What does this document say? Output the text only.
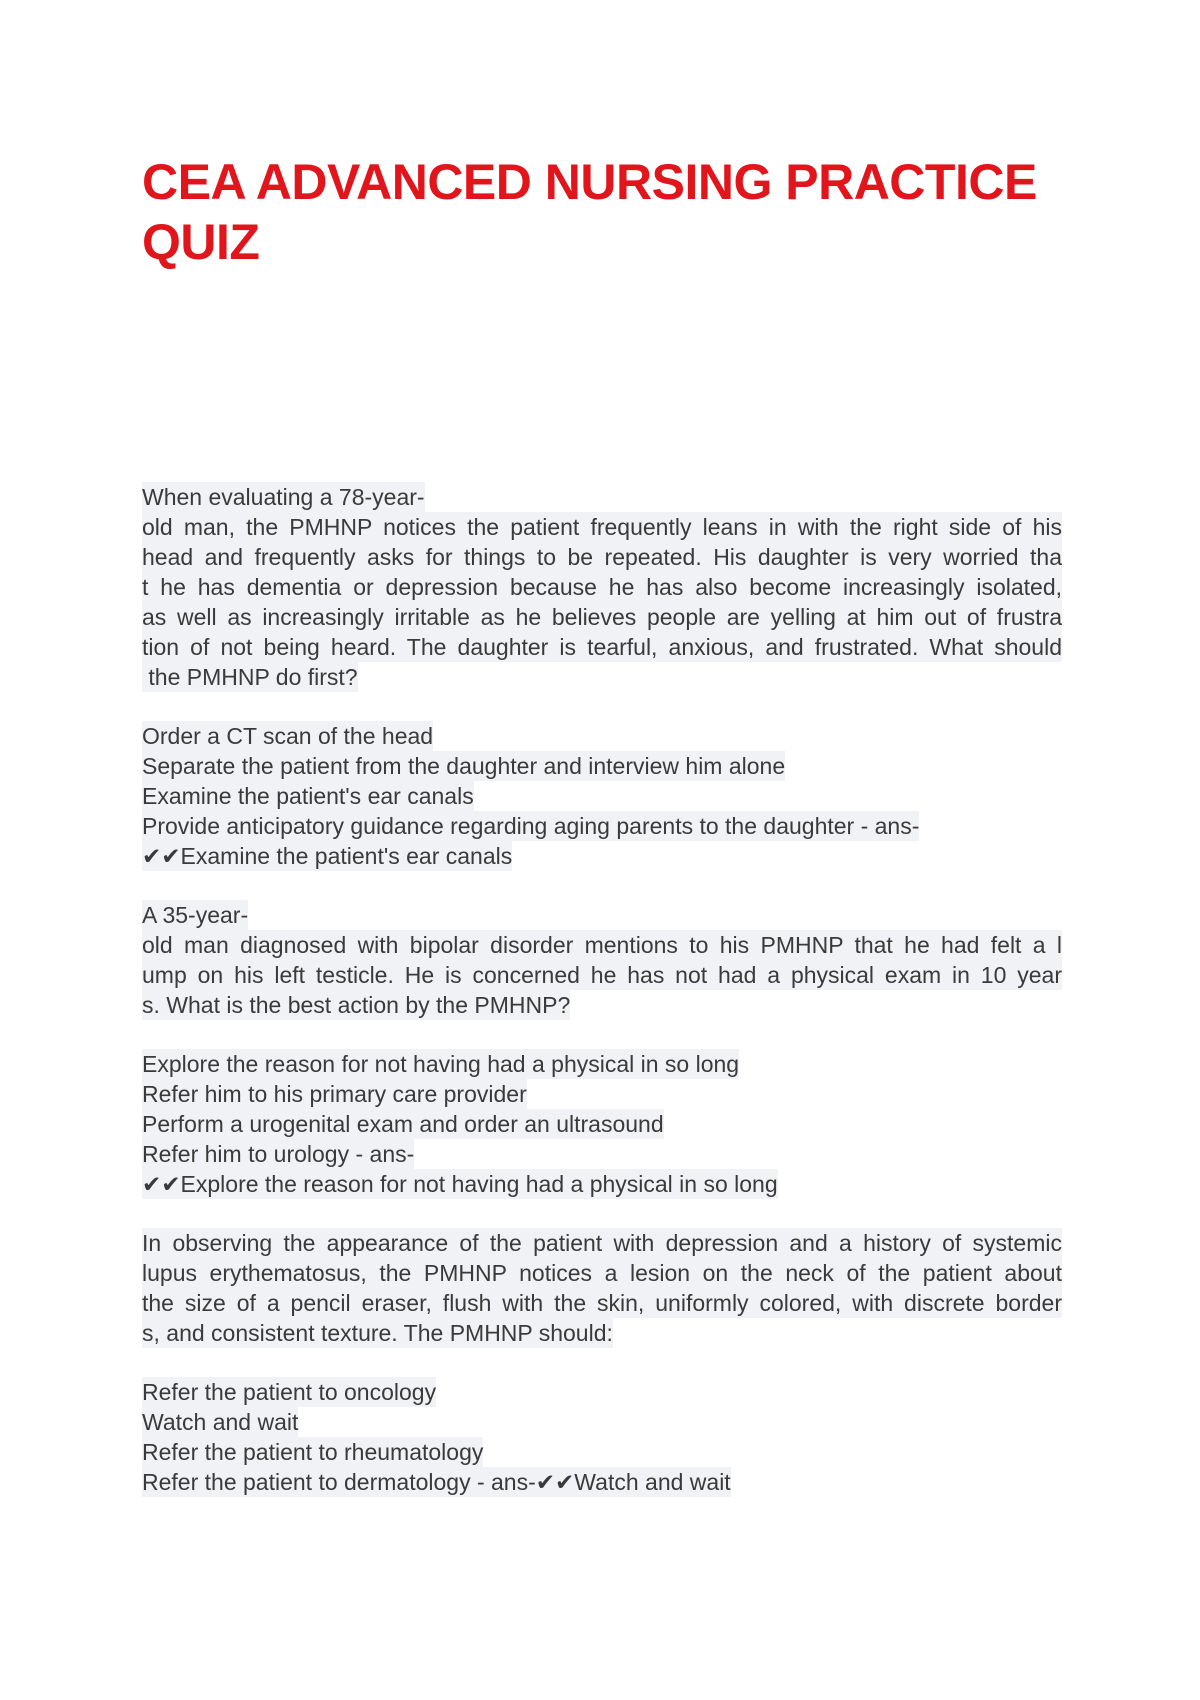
CEA ADVANCED NURSING PRACTICE
QUIZ
When evaluating a 78-year-
old man, the PMHNP notices the patient frequently leans in with the right side of his
head and frequently asks for things to be repeated. His daughter is very worried tha
t he has dementia or depression because he has also become increasingly isolated,
as well as increasingly irritable as he believes people are yelling at him out of frustra
tion of not being heard. The daughter is tearful, anxious, and frustrated. What should
the PMHNP do first?
Order a CT scan of the head
Separate the patient from the daughter and interview him alone
Examine the patient's ear canals
Provide anticipatory guidance regarding aging parents to the daughter - ans-
✔✔Examine the patient's ear canals
A 35-year-
old man diagnosed with bipolar disorder mentions to his PMHNP that he had felt a l
ump on his left testicle. He is concerned he has not had a physical exam in 10 year
s. What is the best action by the PMHNP?
Explore the reason for not having had a physical in so long
Refer him to his primary care provider
Perform a urogenital exam and order an ultrasound
Refer him to urology - ans-
✔✔Explore the reason for not having had a physical in so long
In observing the appearance of the patient with depression and a history of systemic
lupus erythematosus, the PMHNP notices a lesion on the neck of the patient about
the size of a pencil eraser, flush with the skin, uniformly colored, with discrete border
s, and consistent texture. The PMHNP should:
Refer the patient to oncology
Watch and wait
Refer the patient to rheumatology
Refer the patient to dermatology - ans-✔✔Watch and wait
